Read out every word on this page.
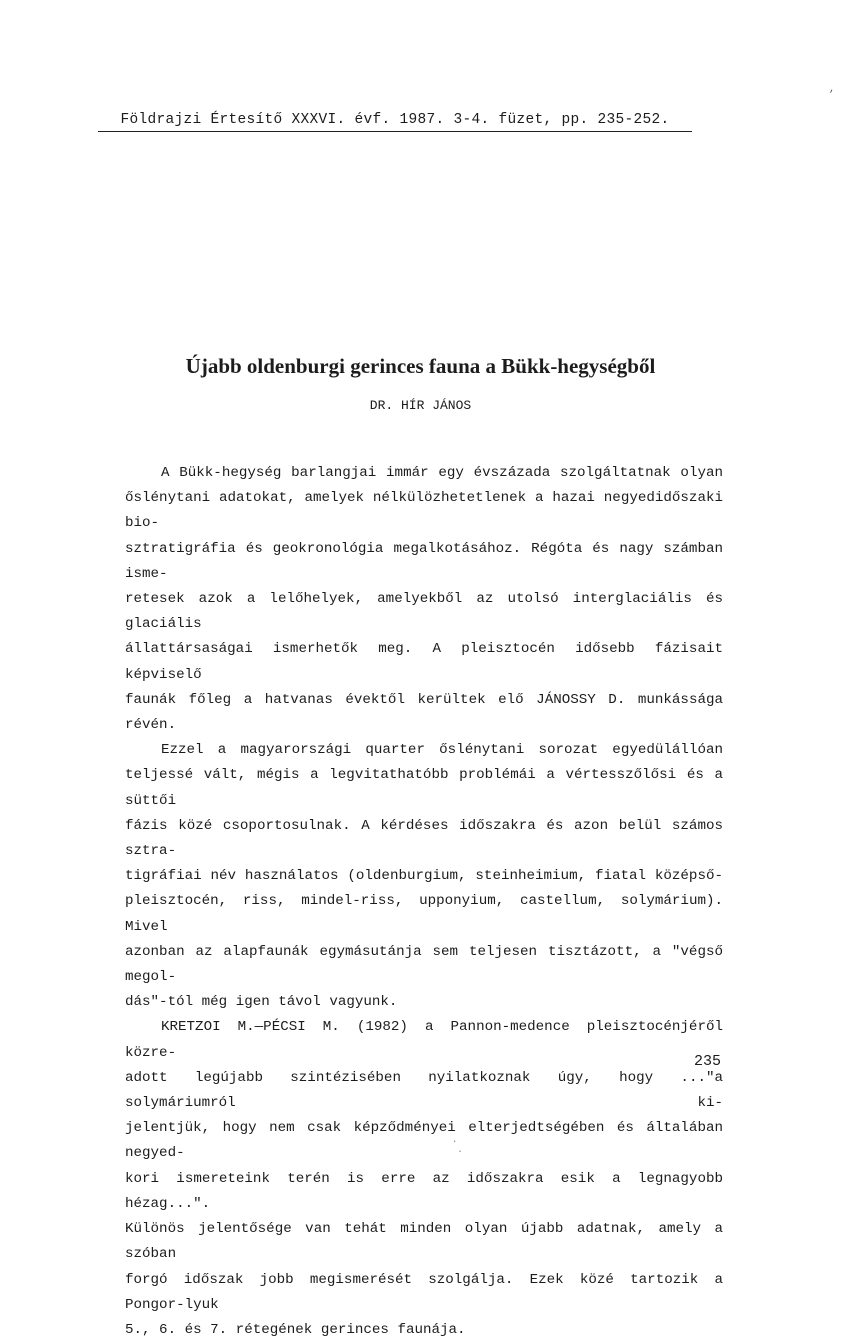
Földrajzi Értesítő XXXVI. évf. 1987. 3-4. füzet, pp. 235-252.
Újabb oldenburgi gerinces fauna a Bükk-hegységből
DR. HÍR JÁNOS

A Bükk-hegység barlangjai immár egy évszázada szolgáltatnak olyan
őslénytani adatokat, amelyek nélkülözhetetlenek a hazai negyedidőszaki bio-
sztratigráfia és geokronológia megalkotásához. Régóta és nagy számban isme-
retesek azok a lelőhelyek, amelyekből az utolsó interglaciális és glaciális
állattársaságai ismerhetők meg. A pleisztocén idősebb fázisait képviselő
faunák főleg a hatvanas évektől kerültek elő JÁNOSSY D. munkássága révén.

Ezzel a magyarországi quarter őslénytani sorozat egyedülállóan
teljessé vált, mégis a legvitathatóbb problémái a vértesszőlősi és a süttői
fázis közé csoportosulnak. A kérdéses időszakra és azon belül számos sztra-
tigráfiai név használatos (oldenburgium, steinheimium, fiatal középső-
pleisztocén, riss, mindel-riss, upponyium, castellum, solymárium). Mivel
azonban az alapfaunák egymásutánja sem teljesen tisztázott, a "végső megol-
dás"-tól még igen távol vagyunk.

KRETZOI M.—PÉCSI M. (1982) a Pannon-medence pleisztocénjéről közre-
adott legújabb szintézisében nyilatkoznak úgy, hogy ..."a solymáriumról ki-
jelentjük, hogy nem csak képződményei elterjedtségében és általában negyed-
kori ismereteink terén is erre az időszakra esik a legnagyobb hézag...".
Különös jelentősége van tehát minden olyan újabb adatnak, amely a szóban
forgó időszak jobb megismerését szolgálja. Ezek közé tartozik a Pongor-lyuk
5., 6. és 7. rétegének gerinces faunája.

235
,
.
.
